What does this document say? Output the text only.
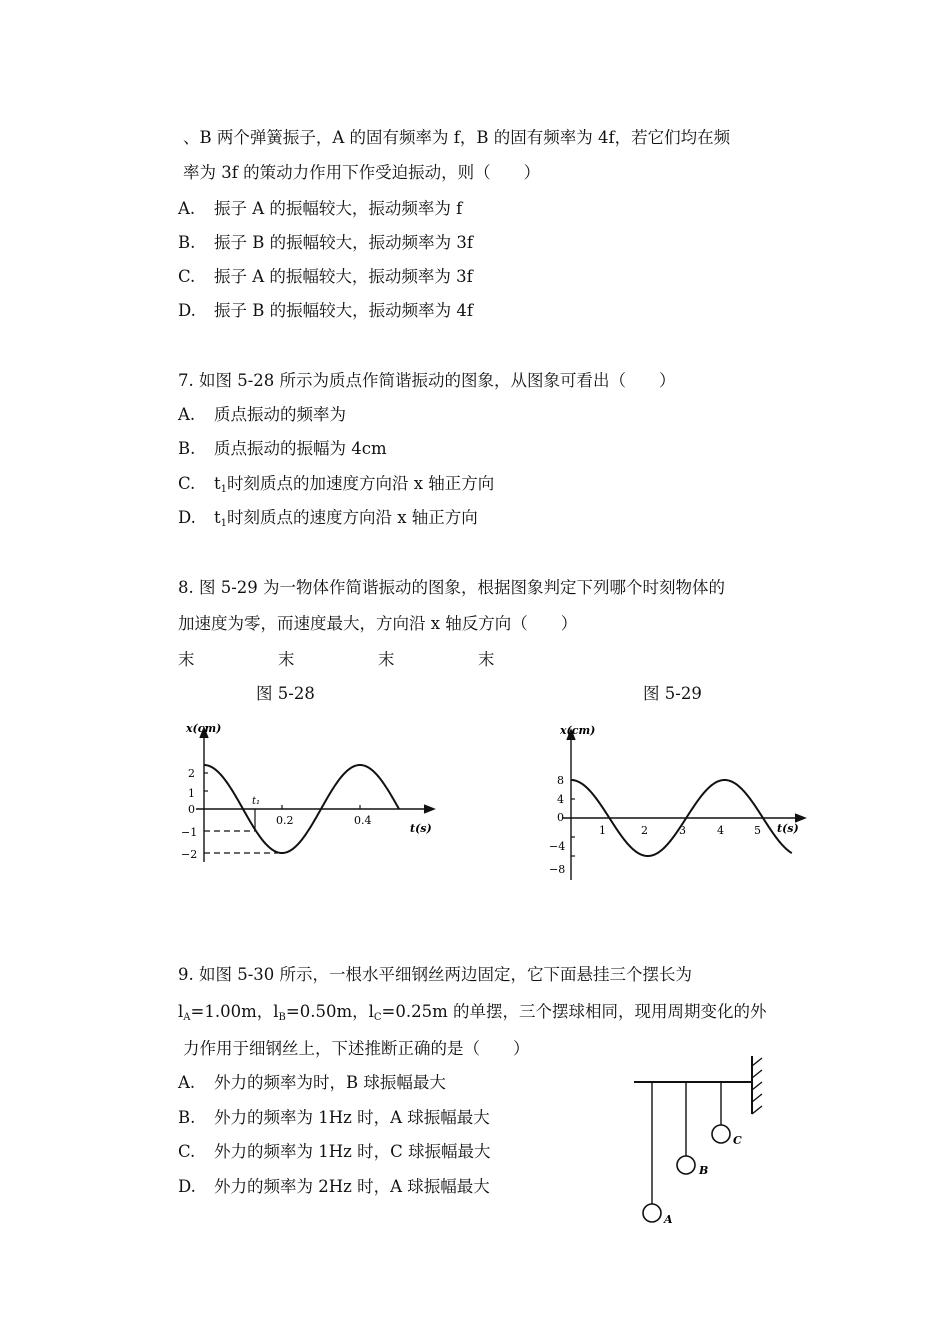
、B 两个弹簧振子，A 的固有频率为 f，B 的固有频率为 4f，若它们均在频
率为 3f 的策动力作用下作受迫振动，则（　　）
A. 振子 A 的振幅较大，振动频率为 f
B. 振子 B 的振幅较大，振动频率为 3f
C. 振子 A 的振幅较大，振动频率为 3f
D. 振子 B 的振幅较大，振动频率为 4f
7. 如图 5-28 所示为质点作简谐振动的图象，从图象可看出（　　）
A. 质点振动的频率为
B. 质点振动的振幅为 4cm
C. $t_1$时刻质点的加速度方向沿 x 轴正方向
D. $t_1$时刻质点的速度方向沿 x 轴正方向
8. 图 5-29 为一物体作简谐振动的图象，根据图象判定下列哪个时刻物体的
加速度为零，而速度最大，方向沿 x 轴反方向（　　）
末	末	末	末
图 5-28	图 5-29
x(cm)
t(s)
2
1
0
−1
−2
0.2	0.4
t₁
x(cm)
t(s)
8
4
0
−4
−8
1	2	3	4	5
9. 如图 5-30 所示，一根水平细钢丝两边固定，它下面悬挂三个摆长为
$l_A=1.00m$，$l_B=0.50m$，$l_C=0.25m$ 的单摆，三个摆球相同，现用周期变化的外
力作用于细钢丝上，下述推断正确的是（　　）
A. 外力的频率为时，B 球振幅最大
B. 外力的频率为 1Hz 时，A 球振幅最大
C. 外力的频率为 1Hz 时，C 球振幅最大
D. 外力的频率为 2Hz 时，A 球振幅最大
A
B
C
